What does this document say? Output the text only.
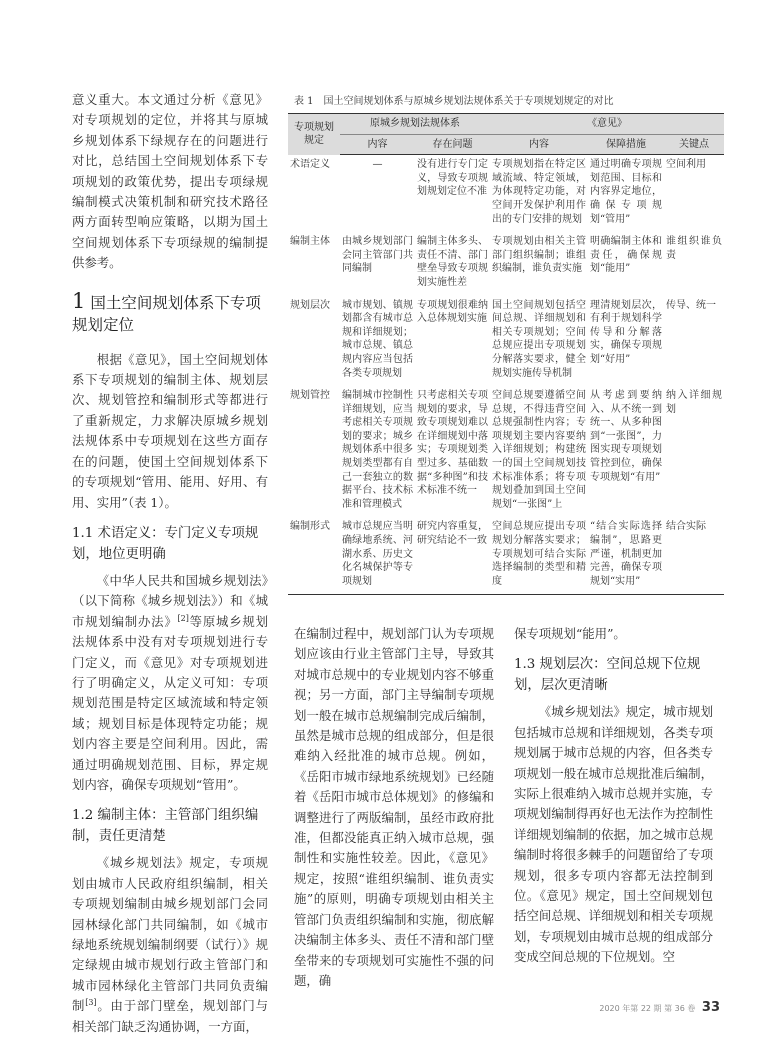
意义重大。本文通过分析《意见》对专项规划的定位，并将其与原城乡规划体系下绿规存在的问题进行对比，总结国土空间规划体系下专项规划的政策优势，提出专项绿规编制模式决策机制和研究技术路径两方面转型响应策略，以期为国土空间规划体系下专项绿规的编制提供参考。

1 国土空间规划体系下专项规划定位

根据《意见》，国土空间规划体系下专项规划的编制主体、规划层次、规划管控和编制形式等都进行了重新规定，力求解决原城乡规划法规体系中专项规划在这些方面存在的问题，使国土空间规划体系下的专项规划“管用、能用、好用、有用、实用”（表 1）。

1.1 术语定义：专门定义专项规划，地位更明确

《中华人民共和国城乡规划法》（以下简称《城乡规划法》）和《城市规划编制办法》[2]等原城乡规划法规体系中没有对专项规划进行专门定义，而《意见》对专项规划进行了明确定义，从定义可知：专项规划范围是特定区域流域和特定领域；规划目标是体现特定功能；规划内容主要是空间利用。因此，需通过明确规划范围、目标，界定规划内容，确保专项规划“管用”。

1.2 编制主体：主管部门组织编制，责任更清楚

《城乡规划法》规定，专项规划由城市人民政府组织编制，相关专项规划编制由城乡规划部门会同园林绿化部门共同编制，如《城市绿地系统规划编制纲要（试行）》规定绿规由城市规划行政主管部门和城市园林绿化主管部门共同负责编制[3]。由于部门壁垒，规划部门与相关部门缺乏沟通协调，一方面，

表 1　国土空间规划体系与原城乡规划法规体系关于专项规划规定的对比
专项规划规定	原城乡规划法规体系		《意见》		
	内容	存在问题	内容	保障措施	关键点
术语定义	—	没有进行专门定义，导致专项规划规划定位不准	专项规划指在特定区域流域、特定领域，为体现特定功能，对空间开发保护利用作出的专门安排的规划	通过明确专项规划范围、目标和内容界定地位，确保专项规划“管用”	空间利用
编制主体	由城乡规划部门会同主管部门共同编制	编制主体多头、责任不清、部门壁垒导致专项规划实施性差	专项规划由相关主管部门组织编制；谁组织编制，谁负责实施	明确编制主体和责任，确保规划“能用”	谁组织谁负责
规划层次	城市规划、镇规划都含有城市总规和详细规划；城市总规、镇总规内容应当包括各类专项规划	专项规划很难纳入总体规划实施	国土空间规划包括空间总规、详细规划和相关专项规划；空间总规应提出专项规划分解落实要求，健全规划实施传导机制	理清规划层次，有利于规划科学传导和分解落实，确保专项规划“好用”	传导、统一
规划管控	编制城市控制性详细规划，应当考虑相关专项规划的要求；城乡规划体系中很多规划类型都有自己一套独立的数据平台、技术标准和管理模式	只考虑相关专项规划的要求，导致专项规划难以在详细规划中落实；专项规划类型过多、基础数据“多种图”和技术标准不统一	空间总规要遵循空间总规，不得违背空间总规强制性内容；专项规划主要内容要纳入详细规划；构建统一的国土空间规划技术标准体系；将专项规划叠加到国土空间规划“一张图”上	从考虑到要纳入、从不统一到统一、从多种图到“一张图”，力图实现专项规划管控到位，确保专项规划“有用”	纳入详细规划
编制形式	城市总规应当明确绿地系统、河湖水系、历史文化名城保护等专项规划	研究内容重复，研究结论不一致	空间总规应提出专项规划分解落实要求；专项规划可结合实际选择编制的类型和精度	“结合实际选择编制”，思路更严谨，机制更加完善，确保专项规划“实用”	结合实际

在编制过程中，规划部门认为专项规划应该由行业主管部门主导，导致其对城市总规中的专业规划内容不够重视；另一方面，部门主导编制专项规划一般在城市总规编制完成后编制，虽然是城市总规的组成部分，但是很难纳入经批准的城市总规。例如，《岳阳市城市绿地系统规划》已经随着《岳阳市城市总体规划》的修编和调整进行了两版编制，虽经市政府批准，但都没能真正纳入城市总规，强制性和实施性较差。因此，《意见》规定，按照“谁组织编制、谁负责实施”的原则，明确专项规划由相关主管部门负责组织编制和实施，彻底解决编制主体多头、责任不清和部门壁垒带来的专项规划可实施性不强的问题，确

保专项规划“能用”。

1.3 规划层次：空间总规下位规划，层次更清晰

《城乡规划法》规定，城市规划包括城市总规和详细规划，各类专项规划属于城市总规的内容，但各类专项规划一般在城市总规批准后编制，实际上很难纳入城市总规并实施，专项规划编制得再好也无法作为控制性详细规划编制的依据，加之城市总规编制时将很多棘手的问题留给了专项规划，很多专项内容都无法控制到位。《意见》规定，国土空间规划包括空间总规、详细规划和相关专项规划，专项规划由城市总规的组成部分变成空间总规的下位规划。空

2020 年第 22 期 第 36 卷 33
